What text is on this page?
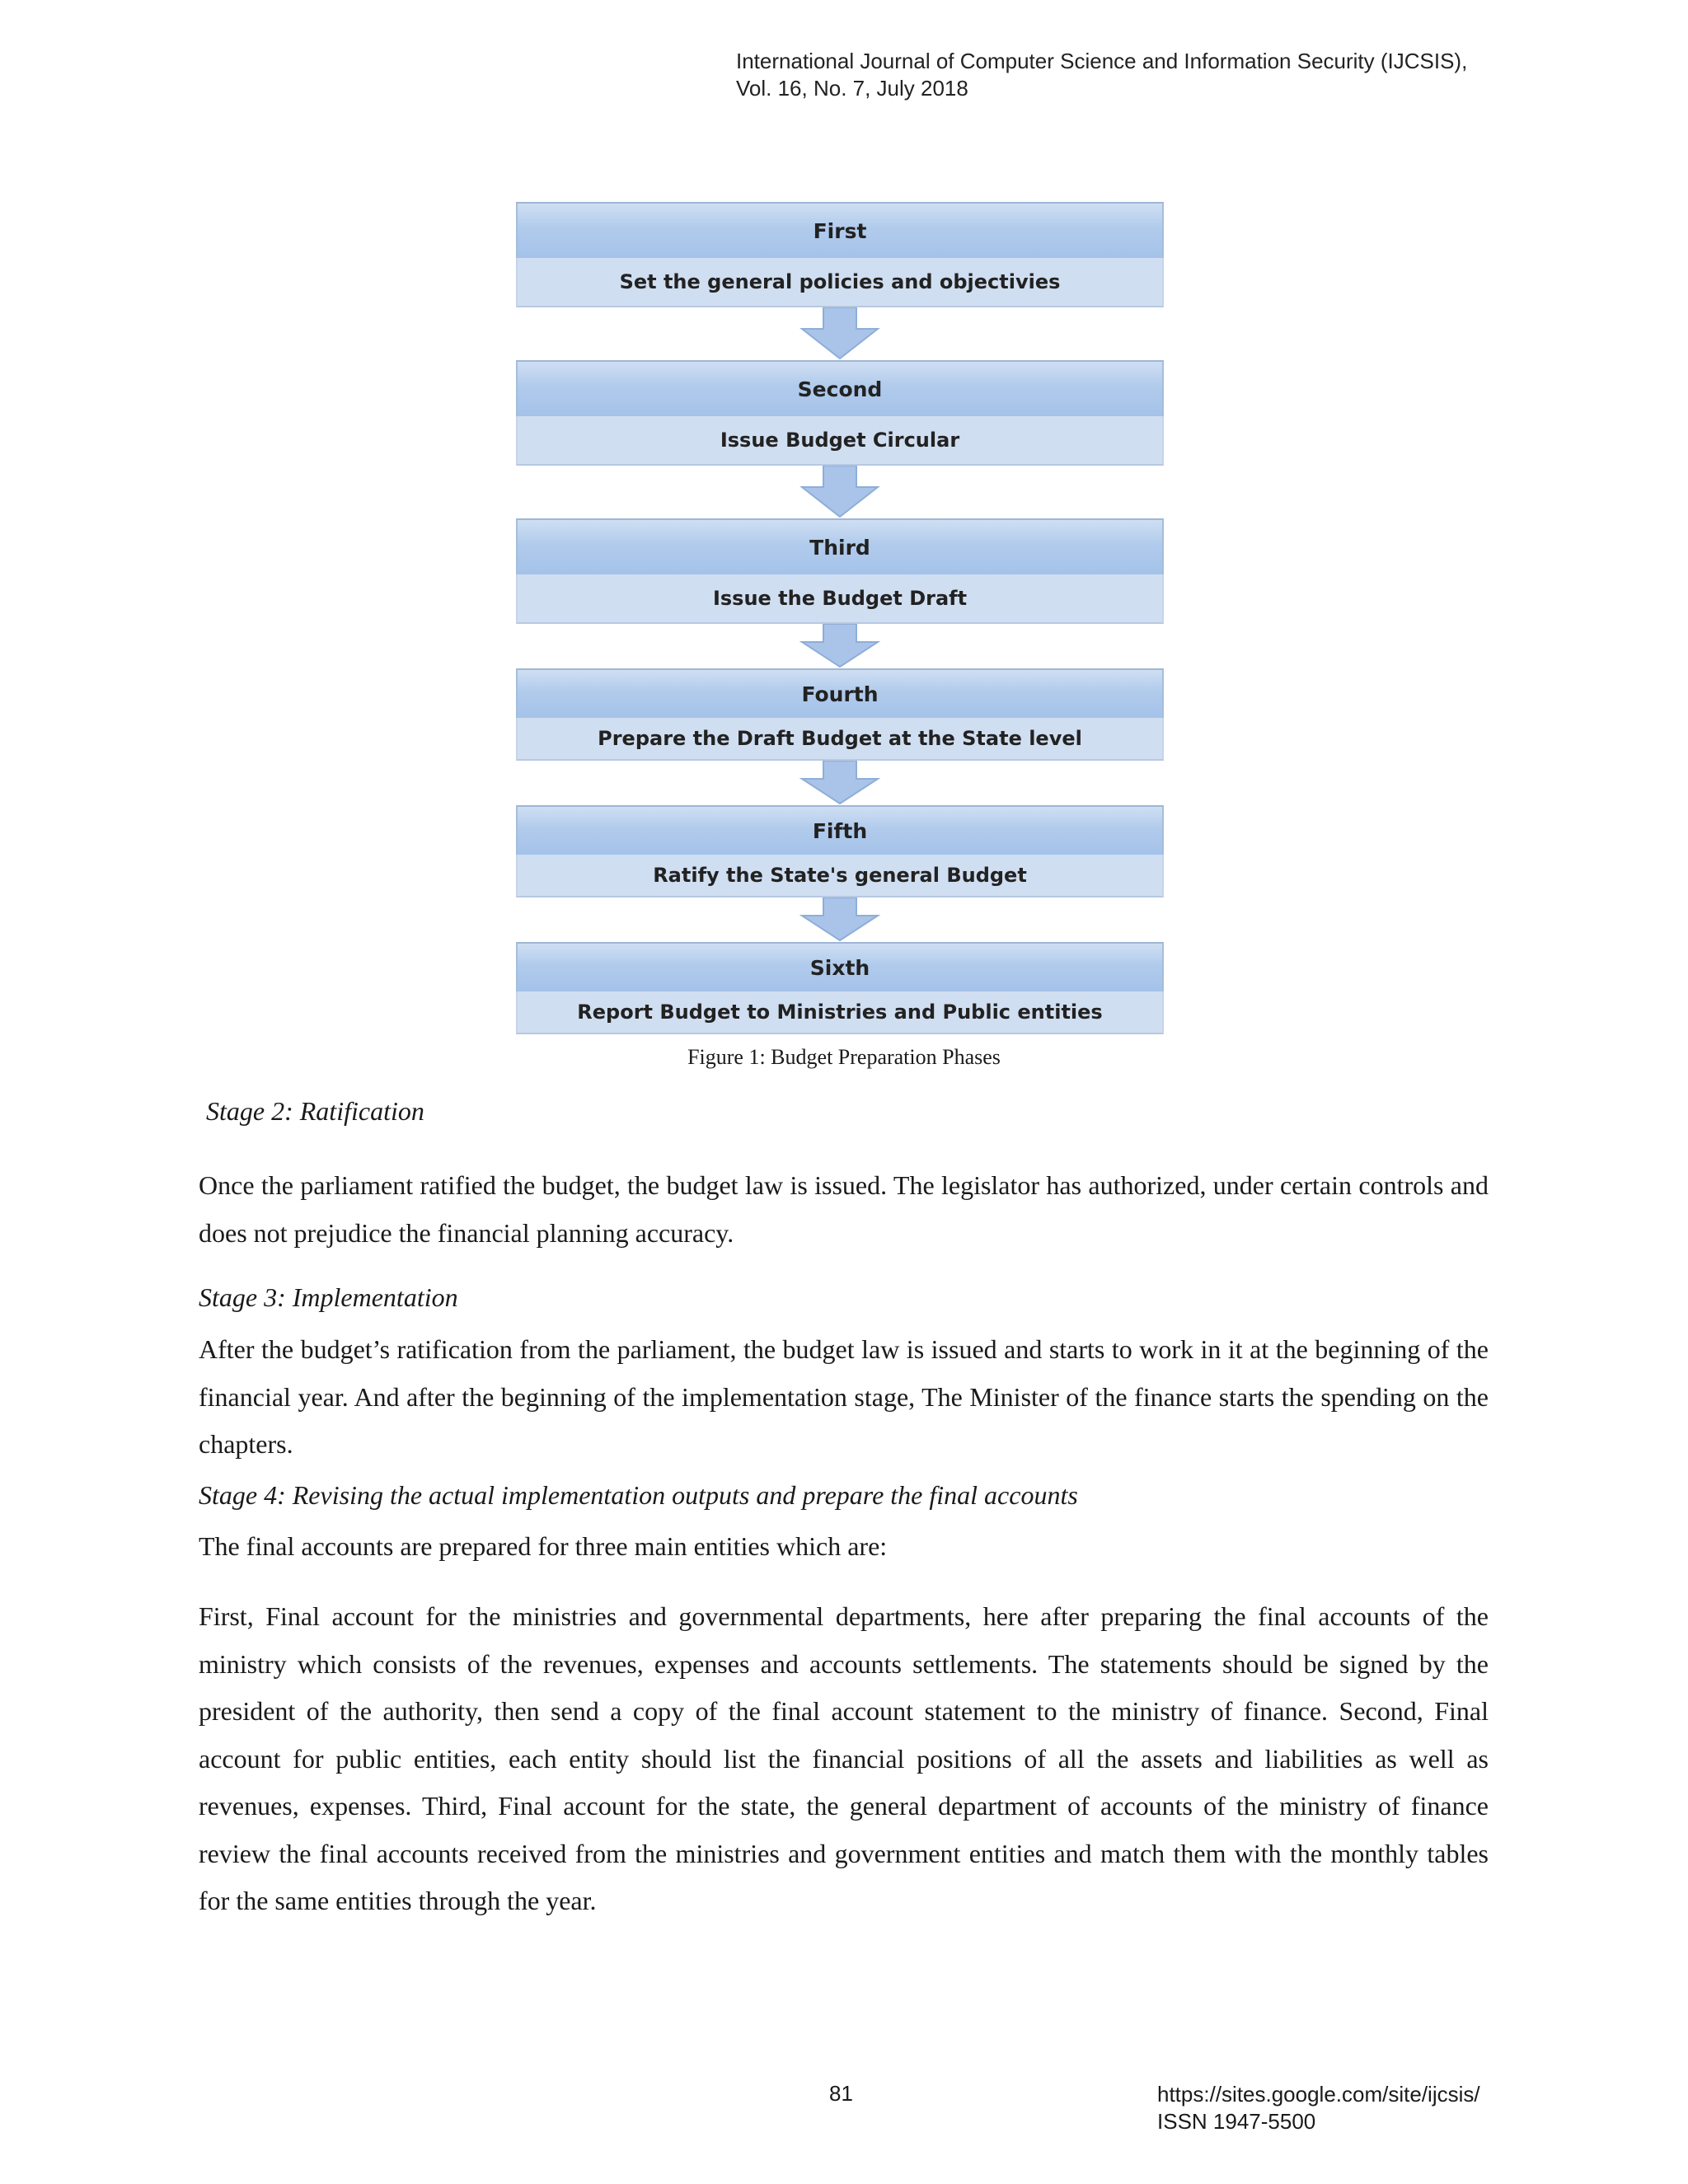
International Journal of Computer Science and Information Security (IJCSIS),
Vol. 16, No. 7, July 2018
First
Set the general policies and objectivies
Second
Issue Budget Circular
Third
Issue the Budget Draft
Fourth
Prepare the Draft Budget at the State level
Fifth
Ratify the State's general Budget
Sixth
Report Budget to Ministries and Public entities
Figure 1: Budget Preparation Phases
Stage 2: Ratification
Once the parliament ratified the budget, the budget law is issued. The legislator has authorized, under certain controls and does not prejudice the financial planning accuracy.
Stage 3: Implementation
After the budget’s ratification from the parliament, the budget law is issued and starts to work in it at the beginning of the financial year. And after the beginning of the implementation stage, The Minister of the finance starts the spending on the chapters.
Stage 4: Revising the actual implementation outputs and prepare the final accounts
The final accounts are prepared for three main entities which are:
First, Final account for the ministries and governmental departments, here after preparing the final accounts of the ministry which consists of the revenues, expenses and accounts settlements. The statements should be signed by the president of the authority, then send a copy of the final account statement to the ministry of finance. Second, Final account for public entities, each entity should list the financial positions of all the assets and liabilities as well as revenues, expenses. Third, Final account for the state, the general department of accounts of the ministry of finance review the final accounts received from the ministries and government entities and match them with the monthly tables for the same entities through the year.
81	https://sites.google.com/site/ijcsis/
ISSN 1947-5500
